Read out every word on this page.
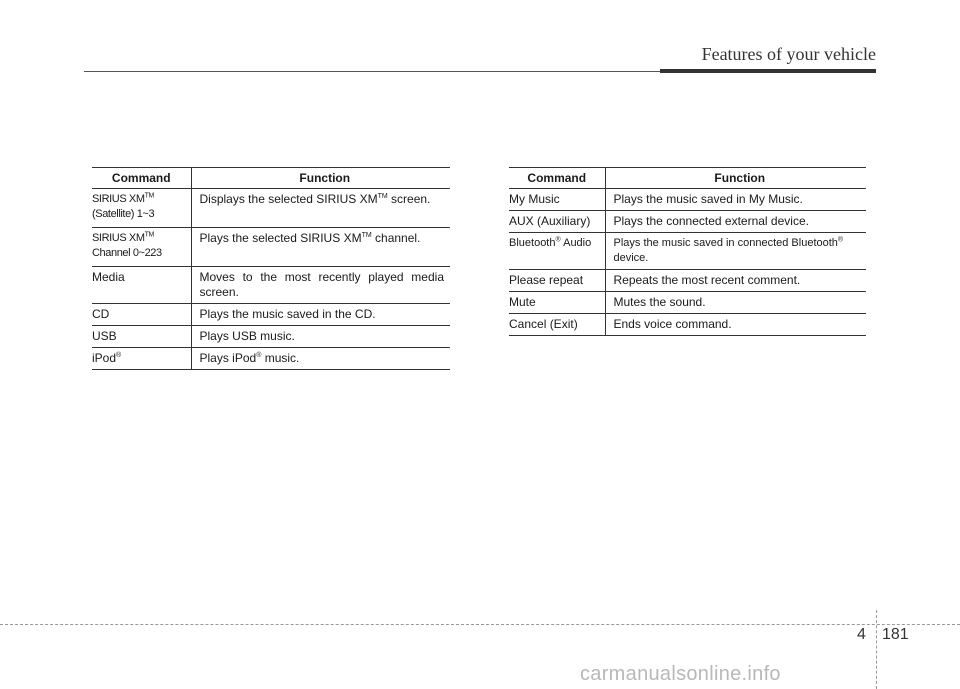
Features of your vehicle
Command	Function
SIRIUS XM™
(Satellite) 1~3	Displays the selected SIRIUS XM™ screen.
SIRIUS XM™
Channel 0~223	Plays the selected SIRIUS XM™ channel.
Media	Moves to the most recently played media screen.
CD	Plays the music saved in the CD.
USB	Plays USB music.
iPod®	Plays iPod® music.
Command	Function
My Music	Plays the music saved in My Music.
AUX (Auxiliary)	Plays the connected external device.
Bluetooth® Audio	Plays the music saved in connected Bluetooth®
device.
Please repeat	Repeats the most recent comment.
Mute	Mutes the sound.
Cancel (Exit)	Ends voice command.
4 181
carmanualsonline.info
